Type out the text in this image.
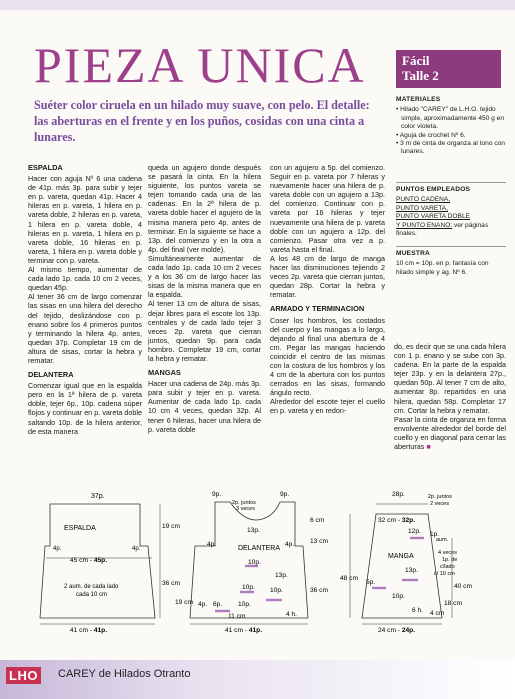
PIEZA UNICA
Suéter color ciruela en un hilado muy suave, con pelo. El detalle: las aberturas en el frente y en los puños, cosidas con una cinta a lunares.
Fácil
Talle 2
MATERIALES
• Hilado "CAREY" de L.H.O. tejido simple, aproximadamente 450 g en color violeta.
• Aguja de crochet Nº 6.
• 3 m de cinta de organza al tono con lunares.
PUNTOS EMPLEADOS
PUNTO CADENA,
PUNTO VARETA,
PUNTO VARETA DOBLE
Y PUNTO ENANO: ver páginas finales.
MUESTRA
10 cm = 10p. en p. fantasía con hilado simple y ag. Nº 6.

ESPALDA

Hacer con aguja Nº 6 una cadena de 41p. más 3p. para subir y tejer en p. vareta, quedan 41p. Hacer 4 hileras en p. vareta, 1 hilera en p. vareta doble, 2 hileras en p. vareta, 1 hilera en p. vareta doble, 4 hileras en p. vareta, 1 hilera en p. vareta doble, 16 hileras en p. vareta, 1 hilera en p. vareta doble y terminar con p. vareta.

Al mismo tiempo, aumentar de cada lado 1p. cada 10 cm 2 veces, quedan 45p.

Al tener 36 cm de largo comenzar las sisas en una hilera del derecho del tejido, deslizándose con p. enano sobre los 4 primeros puntos y terminando la hilera 4p. antes, quedan 37p. Completar 19 cm de altura de sisas, cortar la hebra y rematar.

DELANTERA

Comenzar igual que en la espalda pero en la 1ª hilera de p. vareta doble, tejer 6p., 10p. cadena súper flojos y continuar en p. vareta doble saltando 10p. de la hilera anterior, de esta manera

queda un agujero donde después se pasará la cinta. En la hilera siguiente, los puntos vareta se tejen tomando cada una de las cadenas. En la 2ª hilera de p. vareta doble hacer el agujero de la misma manera pero 4p. antes de terminar. En la siguiente se hace a 13p. del comienzo y en la otra a 4p. del final (ver molde).

Simultáneamente aumentar de cada lado 1p. cada 10 cm 2 veces y a los 36 cm de largo hacer las sisas de la misma manera que en la espalda.

Al tener 13 cm de altura de sisas, dejar libres para el escote los 13p. centrales y de cada lado tejer 3 veces 2p. vareta que cierran juntos, quedan 9p. para cada hombro. Completar 19 cm, cortar la hebra y rematar.

MANGAS

Hacer una cadena de 24p. más 3p. para subir y tejer en p. vareta. Aumentar de cada lado 1p. cada 10 cm 4 veces, quedan 32p. Al tener 6 hileras, hacer una hilera de p. vareta doble

con un agujero a 5p. del comienzo. Seguir en p. vareta por 7 hileras y nuevamente hacer una hilera de p. vareta doble con un agujero a 13p. del comienzo. Continuar con p. vareta por 16 hileras y tejer nuevamente una hilera de p. vareta doble con un agujero a 12p. del comienzo. Pasar otra vez a p. vareta hasta el final.

A los 48 cm de largo de manga hacer las disminuciones tejiendo 2 veces 2p. vareta que cierran juntos, quedan 28p. Cortar la hebra y rematar.

ARMADO Y TERMINACION

Coser los hombros, los costados del cuerpo y las mangas a lo largo, dejando al final una abertura de 4 cm. Pegar las mangas haciendo coincidir el centro de las mismas con la costura de los hombros y los 4 cm de la abertura con los puntos cerrados en las sisas, formando ángulo recto.

Alrededor del escote tejer el cuello en p. vareta y en redon-

do, es decir que se una cada hilera con 1 p. enano y se sube con 3p. cadena. En la parte de la espalda tejer 23p. y en la delantera 27p., quedan 50p. Al tener 7 cm de alto, aumentar 8p. repartidos en una hilera, quedan 58p. Completar 17 cm. Cortar la hebra y rematar.

Pasar la cinta de organza en forma envolvente alrededor del borde del cuello y en diagonal para cerrar las aberturas ■

37p.
ESPALDA
4p.	4p.
45 cm - 45p.
2 aum. de cada lado
cada 10 cm
41 cm - 41p.
19 cm
36 cm
9p.	9p.
2p. juntos
3 veces
13p.
6 cm
13 cm
DELANTERA
4p.	4p.
10p.
13p.
10p. 10p.
10p.
6p.
11 cm	4 h.
4p.
19 cm
36 cm
41 cm - 41p.
28p.	2p. juntos
2 veces
32 cm - 32p.
12p. 1p.
aum.
4 veces
1p. de
c/lado
c/ 10 cm
MANGA
13p.
5p.
10p.
6 h.
48 cm
40 cm
18 cm
4 cm
24 cm - 24p.
LHO CAREY de Hilados Otranto
